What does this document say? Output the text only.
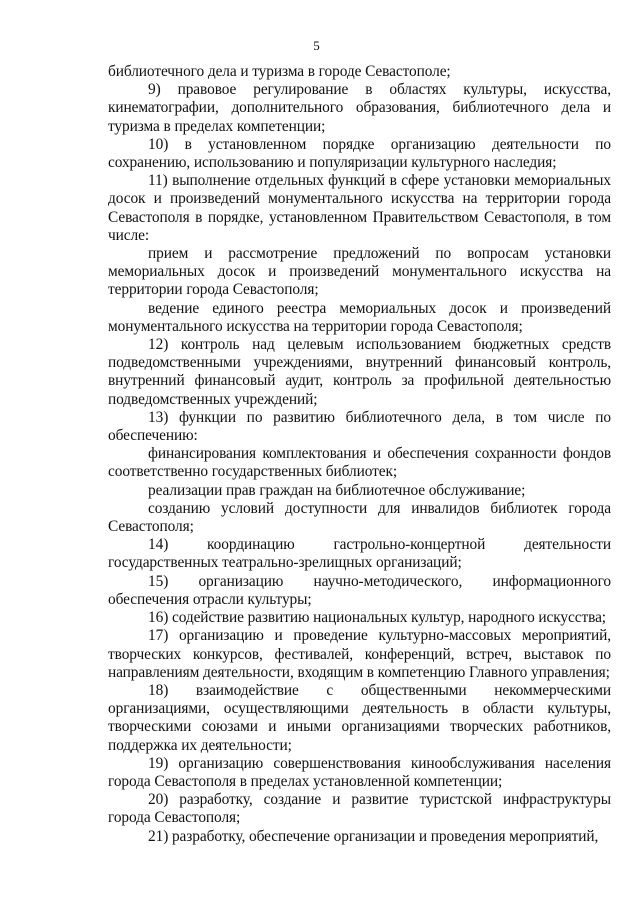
5

библиотечного дела и туризма в городе Севастополе;

9) правовое регулирование в областях культуры, искусства, кинематографии, дополнительного образования, библиотечного дела и туризма в пределах компетенции;

10) в установленном порядке организацию деятельности по сохранению, использованию и популяризации культурного наследия;

11) выполнение отдельных функций в сфере установки мемориальных досок и произведений монументального искусства на территории города Севастополя в порядке, установленном Правительством Севастополя, в том числе:

прием и рассмотрение предложений по вопросам установки мемориальных досок и произведений монументального искусства на территории города Севастополя;

ведение единого реестра мемориальных досок и произведений монументального искусства на территории города Севастополя;

12) контроль над целевым использованием бюджетных средств подведомственными учреждениями, внутренний финансовый контроль, внутренний финансовый аудит, контроль за профильной деятельностью подведомственных учреждений;

13) функции по развитию библиотечного дела, в том числе по обеспечению:

финансирования комплектования и обеспечения сохранности фондов соответственно государственных библиотек;

реализации прав граждан на библиотечное обслуживание;

созданию условий доступности для инвалидов библиотек города Севастополя;

14) координацию гастрольно-концертной деятельности государственных театрально-зрелищных организаций;

15) организацию научно-методического, информационного обеспечения отрасли культуры;

16) содействие развитию национальных культур, народного искусства;

17) организацию и проведение культурно-массовых мероприятий, творческих конкурсов, фестивалей, конференций, встреч, выставок по направлениям деятельности, входящим в компетенцию Главного управления;

18) взаимодействие с общественными некоммерческими организациями, осуществляющими деятельность в области культуры, творческими союзами и иными организациями творческих работников, поддержка их деятельности;

19) организацию совершенствования кинообслуживания населения города Севастополя в пределах установленной компетенции;

20) разработку, создание и развитие туристской инфраструктуры города Севастополя;

21) разработку, обеспечение организации и проведения мероприятий,
